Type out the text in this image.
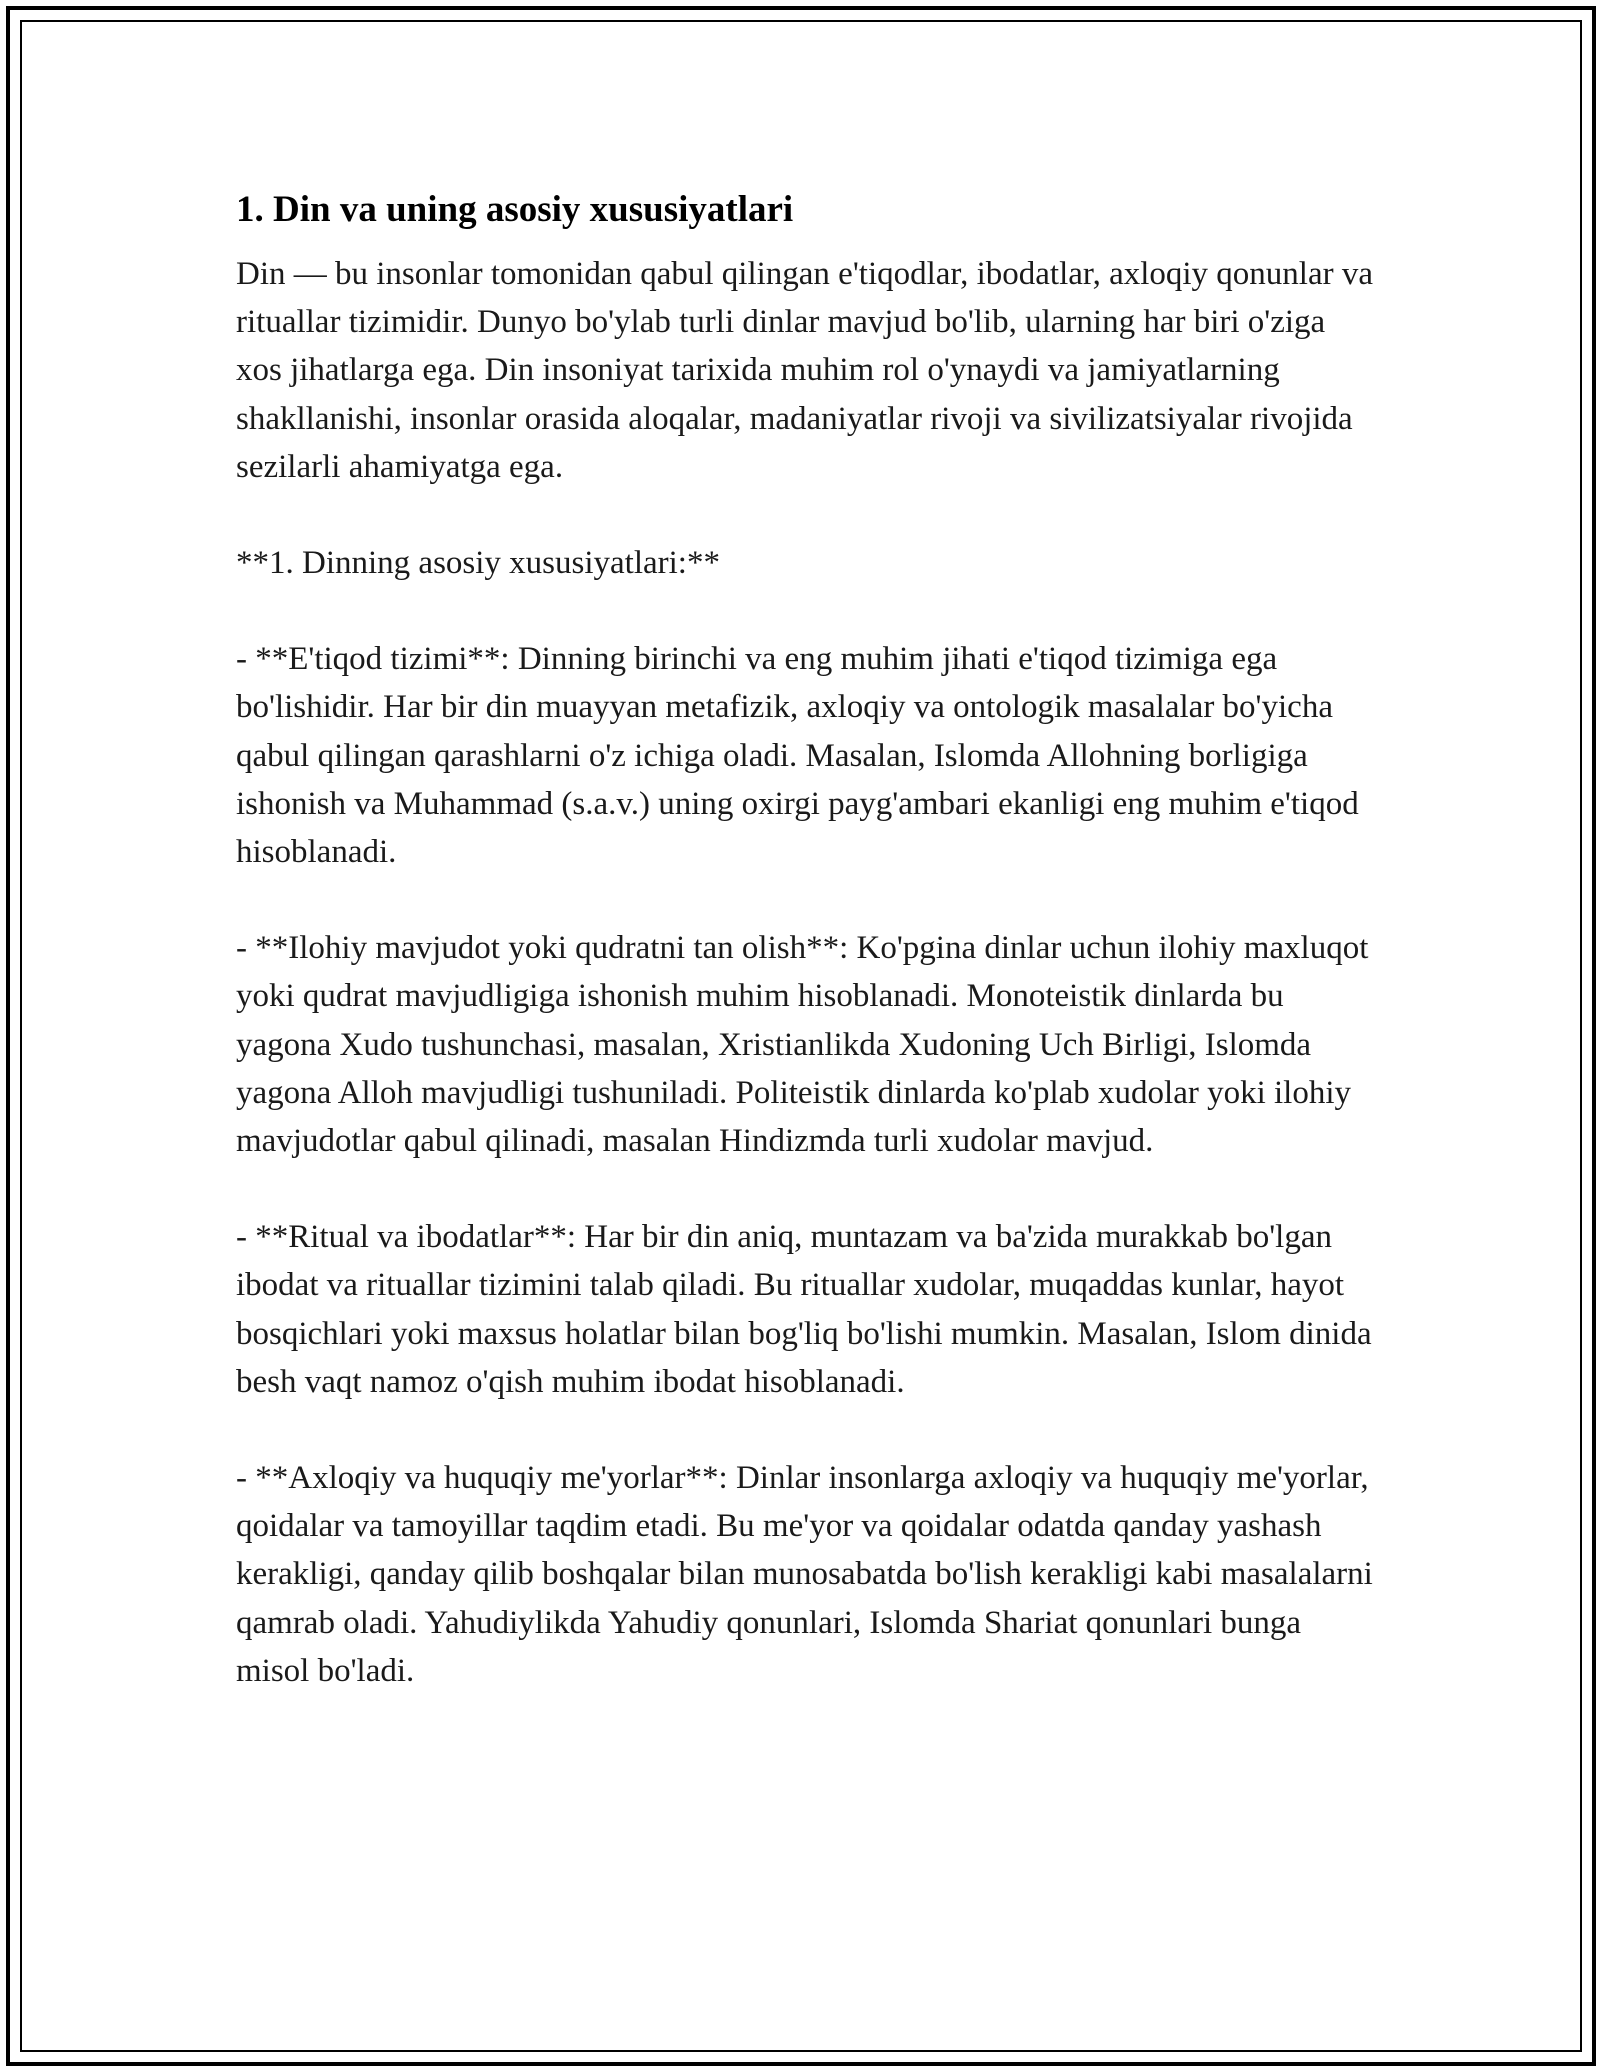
1. Din va uning asosiy xususiyatlari

Din — bu insonlar tomonidan qabul qilingan e'tiqodlar, ibodatlar, axloqiy qonunlar va rituallar tizimidir. Dunyo bo'ylab turli dinlar mavjud bo'lib, ularning har biri o'ziga xos jihatlarga ega. Din insoniyat tarixida muhim rol o'ynaydi va jamiyatlarning shakllanishi, insonlar orasida aloqalar, madaniyatlar rivoji va sivilizatsiyalar rivojida sezilarli ahamiyatga ega.

**1. Dinning asosiy xususiyatlari:**

- **E'tiqod tizimi**: Dinning birinchi va eng muhim jihati e'tiqod tizimiga ega bo'lishidir. Har bir din muayyan metafizik, axloqiy va ontologik masalalar bo'yicha qabul qilingan qarashlarni o'z ichiga oladi. Masalan, Islomda Allohning borligiga ishonish va Muhammad (s.a.v.) uning oxirgi payg'ambari ekanligi eng muhim e'tiqod hisoblanadi.

- **Ilohiy mavjudot yoki qudratni tan olish**: Ko'pgina dinlar uchun ilohiy maxluqot yoki qudrat mavjudligiga ishonish muhim hisoblanadi. Monoteistik dinlarda bu yagona Xudo tushunchasi, masalan, Xristianlikda Xudoning Uch Birligi, Islomda yagona Alloh mavjudligi tushuniladi. Politeistik dinlarda ko'plab xudolar yoki ilohiy mavjudotlar qabul qilinadi, masalan Hindizmda turli xudolar mavjud.

- **Ritual va ibodatlar**: Har bir din aniq, muntazam va ba'zida murakkab bo'lgan ibodat va rituallar tizimini talab qiladi. Bu rituallar xudolar, muqaddas kunlar, hayot bosqichlari yoki maxsus holatlar bilan bog'liq bo'lishi mumkin. Masalan, Islom dinida besh vaqt namoz o'qish muhim ibodat hisoblanadi.

- **Axloqiy va huquqiy me'yorlar**: Dinlar insonlarga axloqiy va huquqiy me'yorlar, qoidalar va tamoyillar taqdim etadi. Bu me'yor va qoidalar odatda qanday yashash kerakligi, qanday qilib boshqalar bilan munosabatda bo'lish kerakligi kabi masalalarni qamrab oladi. Yahudiylikda Yahudiy qonunlari, Islomda Shariat qonunlari bunga misol bo'ladi.
